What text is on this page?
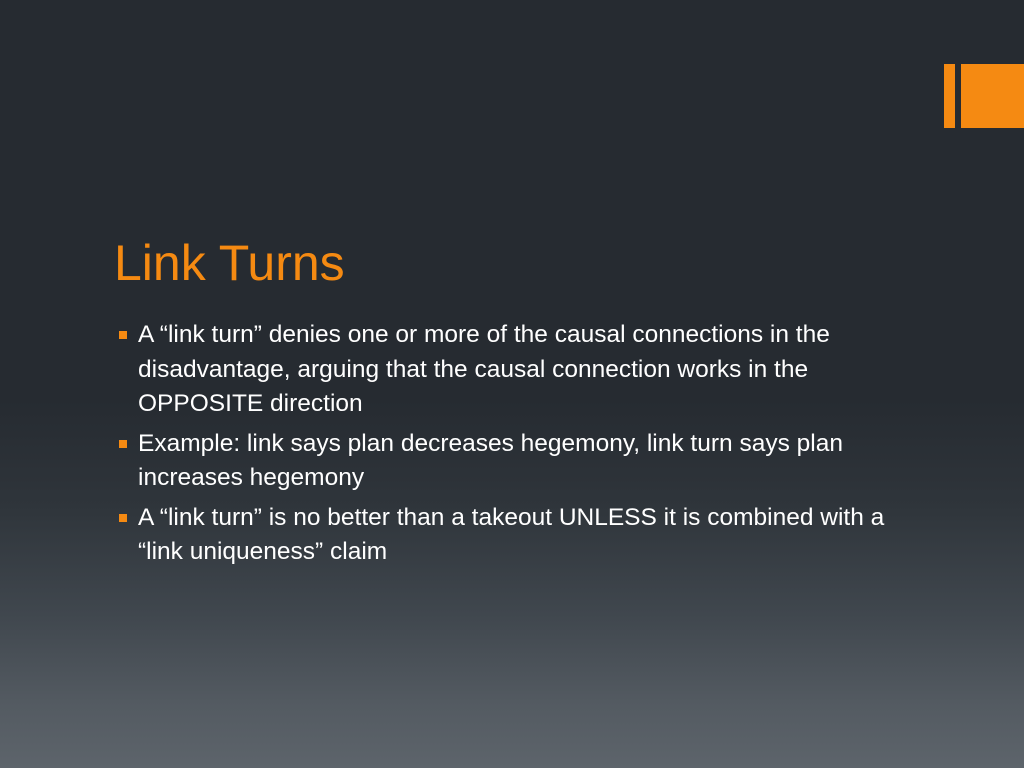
Link Turns
A “link turn” denies one or more of the causal connections in the disadvantage, arguing that the causal connection works in the OPPOSITE direction
Example: link says plan decreases hegemony, link turn says plan increases hegemony
A “link turn” is no better than a takeout UNLESS it is combined with a “link uniqueness” claim
